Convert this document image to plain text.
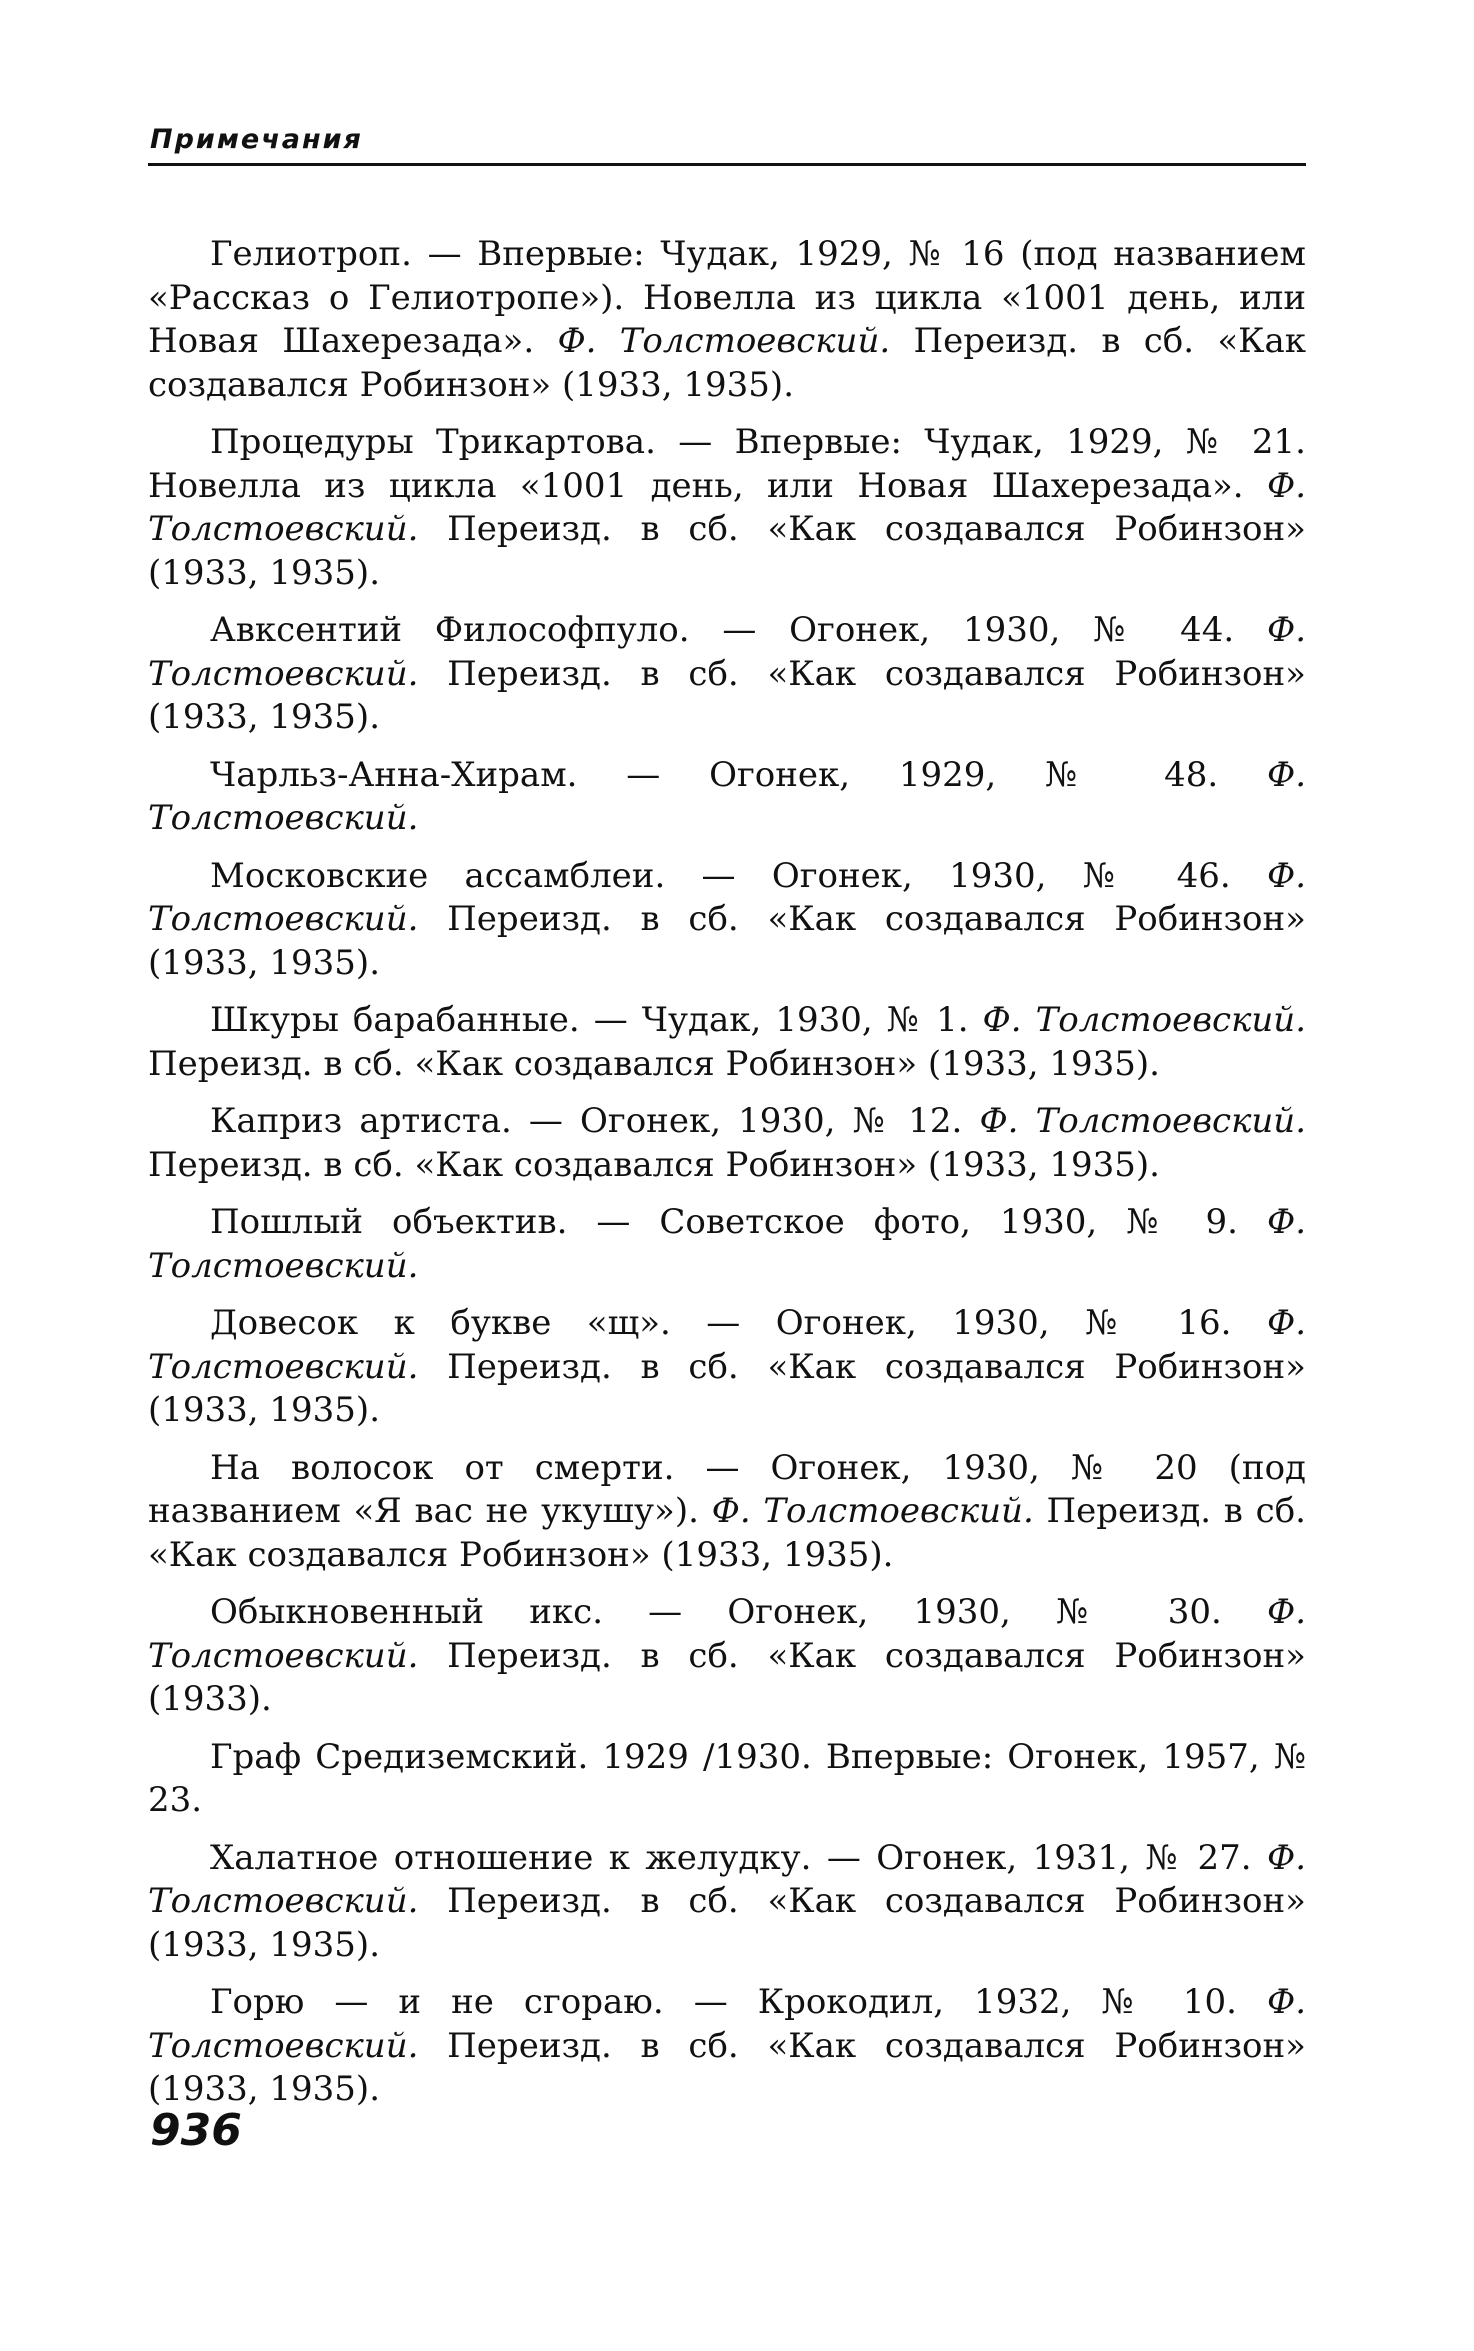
Примечания

Гелиотроп. — Впервые: Чудак, 1929, № 16 (под названием «Рассказ о Гелиотропе»). Новелла из цикла «1001 день, или Новая Шахерезада». Ф. Толстоевский. Переизд. в сб. «Как создавался Робинзон» (1933, 1935).

Процедуры Трикартова. — Впервые: Чудак, 1929, № 21. Новелла из цикла «1001 день, или Новая Шахерезада». Ф. Толстоевский. Переизд. в сб. «Как создавался Робинзон» (1933, 1935).

Авксентий Философпуло. — Огонек, 1930, № 44. Ф. Толстоевский. Переизд. в сб. «Как создавался Робинзон» (1933, 1935).

Чарльз-Анна-Хирам. — Огонек, 1929, № 48. Ф. Толстоевский.

Московские ассамблеи. — Огонек, 1930, № 46. Ф. Толстоевский. Переизд. в сб. «Как создавался Робинзон» (1933, 1935).

Шкуры барабанные. — Чудак, 1930, № 1. Ф. Толстоевский. Переизд. в сб. «Как создавался Робинзон» (1933, 1935).

Каприз артиста. — Огонек, 1930, № 12. Ф. Толстоевский. Переизд. в сб. «Как создавался Робинзон» (1933, 1935).

Пошлый объектив. — Советское фото, 1930, № 9. Ф. Толстоевский.

Довесок к букве «щ». — Огонек, 1930, № 16. Ф. Толстоевский. Переизд. в сб. «Как создавался Робинзон» (1933, 1935).

На волосок от смерти. — Огонек, 1930, № 20 (под названием «Я вас не укушу»). Ф. Толстоевский. Переизд. в сб. «Как создавался Робинзон» (1933, 1935).

Обыкновенный икс. — Огонек, 1930, № 30. Ф. Толстоевский. Переизд. в сб. «Как создавался Робинзон» (1933).

Граф Средиземский. 1929 /1930. Впервые: Огонек, 1957, № 23.

Халатное отношение к желудку. — Огонек, 1931, № 27. Ф. Толстоевский. Переизд. в сб. «Как создавался Робинзон» (1933, 1935).

Горю — и не сгораю. — Крокодил, 1932, № 10. Ф. Толстоевский. Переизд. в сб. «Как создавался Робинзон» (1933, 1935).

936
